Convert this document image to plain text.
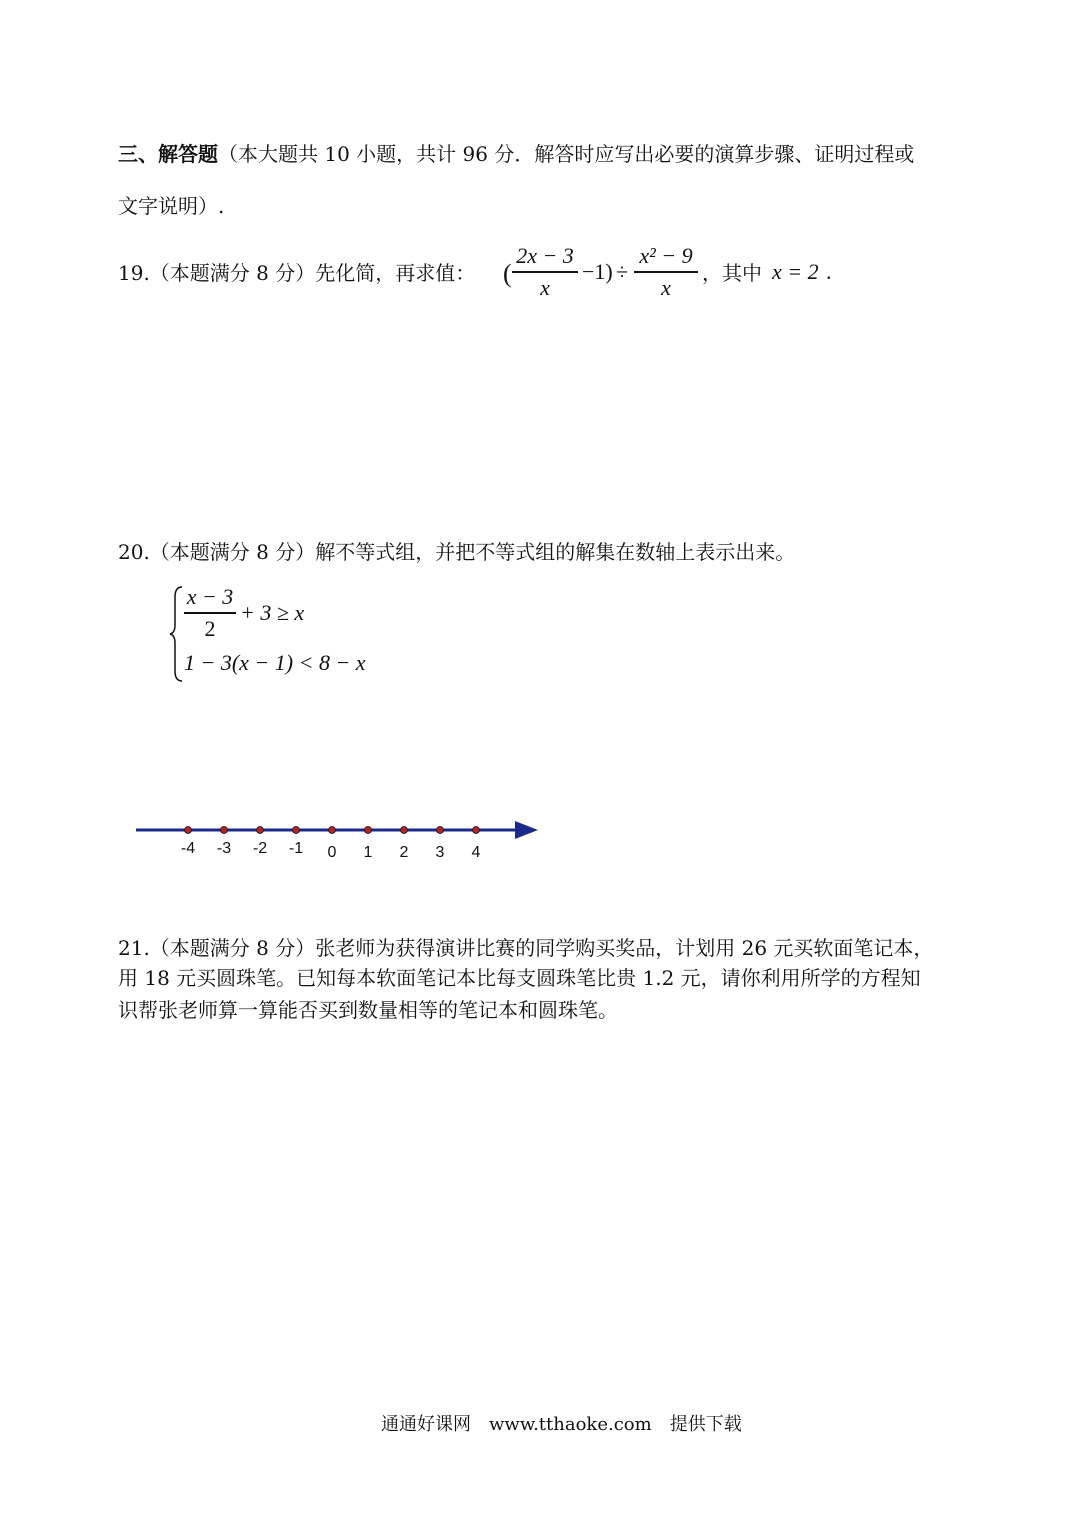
三、解答题（本大题共 10 小题，共计 96 分．解答时应写出必要的演算步骤、证明过程或
文字说明）.
19.（本题满分 8 分）先化简，再求值： (
2x − 3
x
−1) ÷
x² − 9
x
，其中 x = 2 .
20.（本题满分 8 分）解不等式组，并把不等式组的解集在数轴上表示出来。
x − 3
2
+ 3 ≥ x
1 − 3(x − 1) < 8 − x
-4 -3 -2 -1 0 1 2 3 4
21.（本题满分 8 分）张老师为获得演讲比赛的同学购买奖品，计划用 26 元买软面笔记本，
用 18 元买圆珠笔。已知每本软面笔记本比每支圆珠笔比贵 1.2 元，请你利用所学的方程知
识帮张老师算一算能否买到数量相等的笔记本和圆珠笔。
通通好课网　www.tthaoke.com　提供下载
